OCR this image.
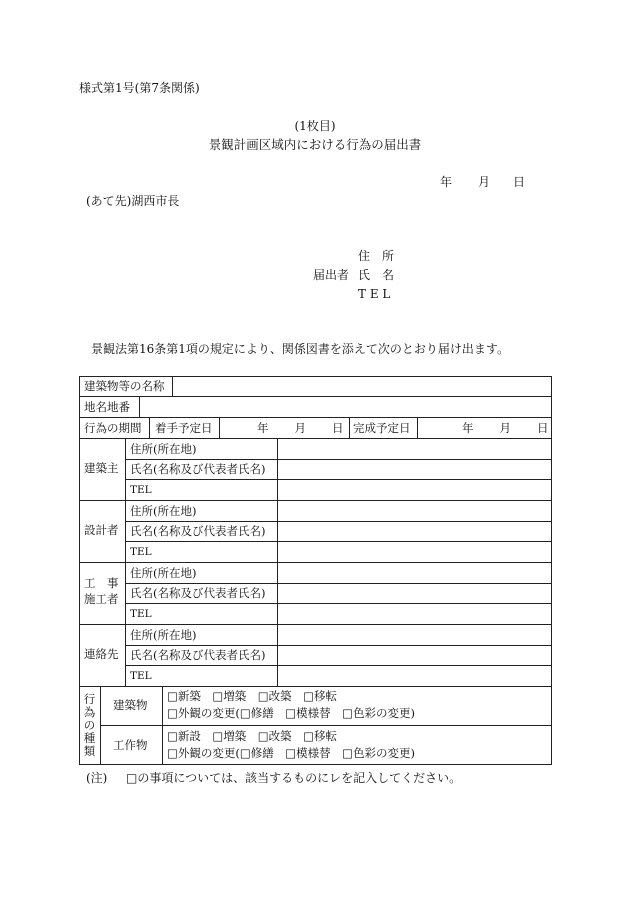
様式第1号(第7条関係)
(1枚目)
景観計画区域内における行為の届出書
年 月 日
(あて先)湖西市長
住　所
届出者 氏　名
T E L
景観法第16条第1項の規定により、関係図書を添えて次のとおり届け出ます。
建築物等の名称
地名地番
行為の期間 着手予定日	年 月 日 完成予定日	年 月 日
建築主
住所(所在地)
氏名(名称及び代表者氏名)
TEL
設計者
住所(所在地)
氏名(名称及び代表者氏名)
TEL
工　事
施工者
住所(所在地)
氏名(名称及び代表者氏名)
TEL
連絡先
住所(所在地)
氏名(名称及び代表者氏名)
TEL
行為の種類
建築物
□新築　□増築　□改築　□移転
□外観の変更(□修繕　□模様替　□色彩の変更)
工作物
□新設　□増築　□改築　□移転
□外観の変更(□修繕　□模様替　□色彩の変更)
(注) □の事項については、該当するものにレを記入してください。
